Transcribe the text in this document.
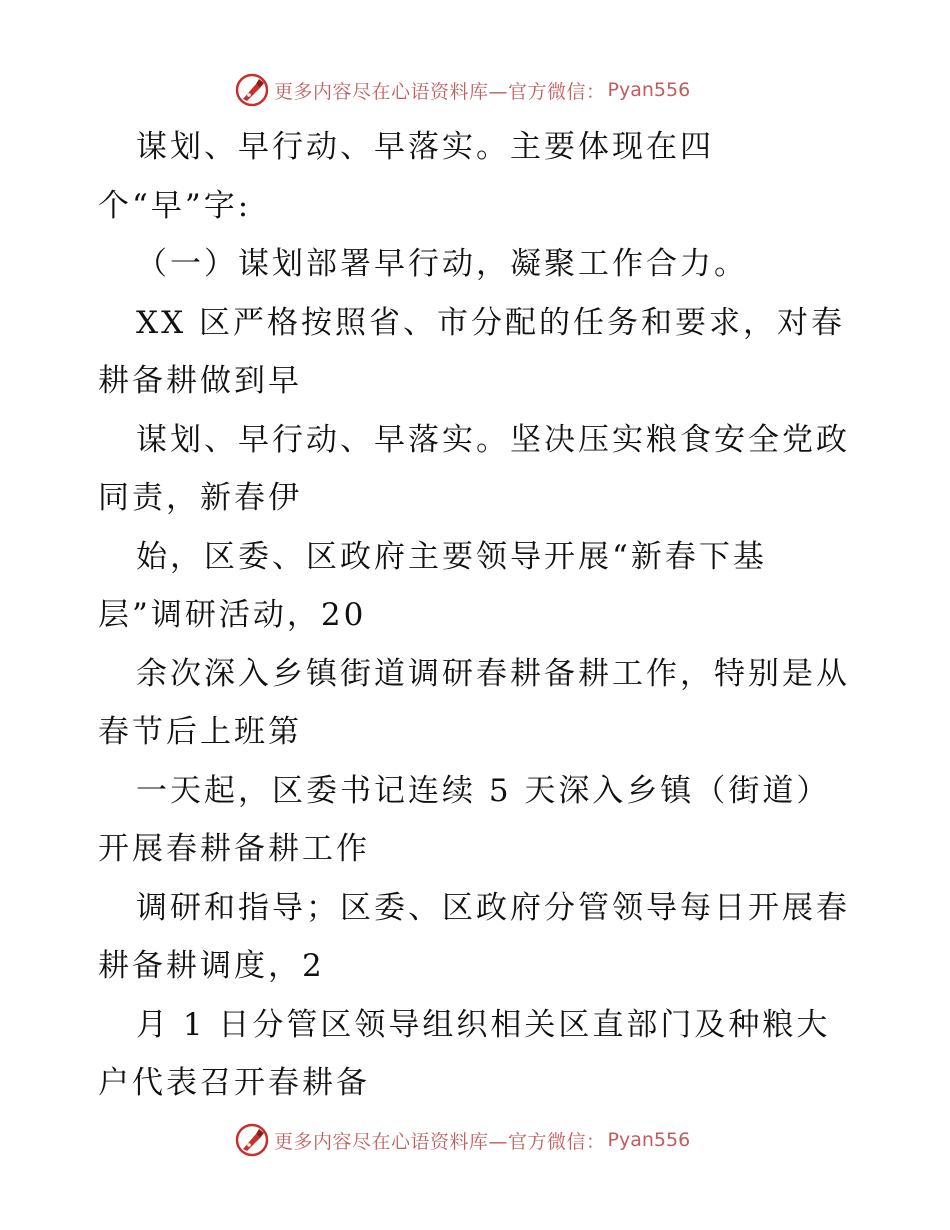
更多内容尽在心语资料库—官方微信： Pyan556
谋划、早行动、早落实。主要体现在四
个“早”字:
（一）谋划部署早行动，凝聚工作合力。
XX 区严格按照省、市分配的任务和要求，对春
耕备耕做到早
谋划、早行动、早落实。坚决压实粮食安全党政
同责，新春伊
始，区委、区政府主要领导开展“新春下基
层”调研活动，20
余次深入乡镇街道调研春耕备耕工作，特别是从
春节后上班第
一天起，区委书记连续 5 天深入乡镇（街道）
开展春耕备耕工作
调研和指导；区委、区政府分管领导每日开展春
耕备耕调度，2
月 1 日分管区领导组织相关区直部门及种粮大
户代表召开春耕备
更多内容尽在心语资料库—官方微信： Pyan556
